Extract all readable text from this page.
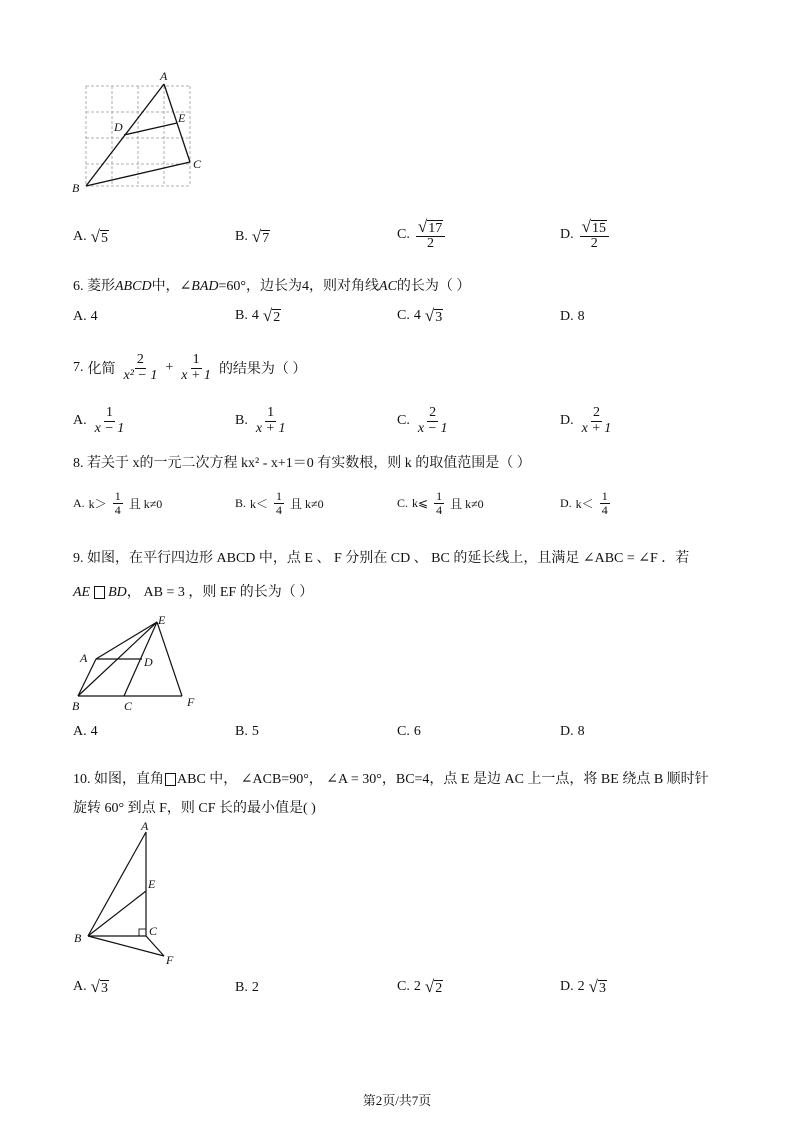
A
B
C
D
E
A. √ 5	B. √ 7	C. $\frac{√ 17}{2}$	D. $\frac{√ 15}{2}$
6. 菱形ABCD中，∠BAD=60°，边长为4，则对角线AC的长为（ ）
A. 4	B. 4 √ 2	C. 4 √ 3	D. 8
7. 化简 $\frac{2}{\text{x² − 1}} + \frac{1}{x + 1}$ 的结果为（ ）
A. $\frac{1}{x - 1}$	B. $\frac{1}{x + 1}$	C. $\frac{2}{x - 1}$	D. $\frac{2}{x + 1}$
8. 若关于 x的一元二次方程 kx² - x+1＝0 有实数根，则 k 的取值范围是（ ）
A. $k> \frac{1}{4}$ 且 k≠0	B. $k< \frac{1}{4}$ 且 k≠0	C. k⩽ $\frac{1}{4}$ 且 k≠0	D. $k< \frac{1}{4}$
9. 如图，在平行四边形 ABCD 中，点 E 、 F 分别在 CD 、 BC 的延长线上，且满足 ∠ABC = ∠F ．若
AE BD， AB = 3 ，则 EF 的长为（ ）
A
B	C
D
E
F
A. 4	B. 5	C. 6	D. 8
10. 如图，直角 ABC 中， ∠ACB=90°， ∠A = 30°，BC=4，点 E 是边 AC 上一点，将 BE 绕点 B 顺时针
旋转 60° 到点 F，则 CF 长的最小值是( )
A
B	C
E
F
A. √ 3	B. 2	C. 2 √ 2	D. 2 √ 3
第2页/共7页
